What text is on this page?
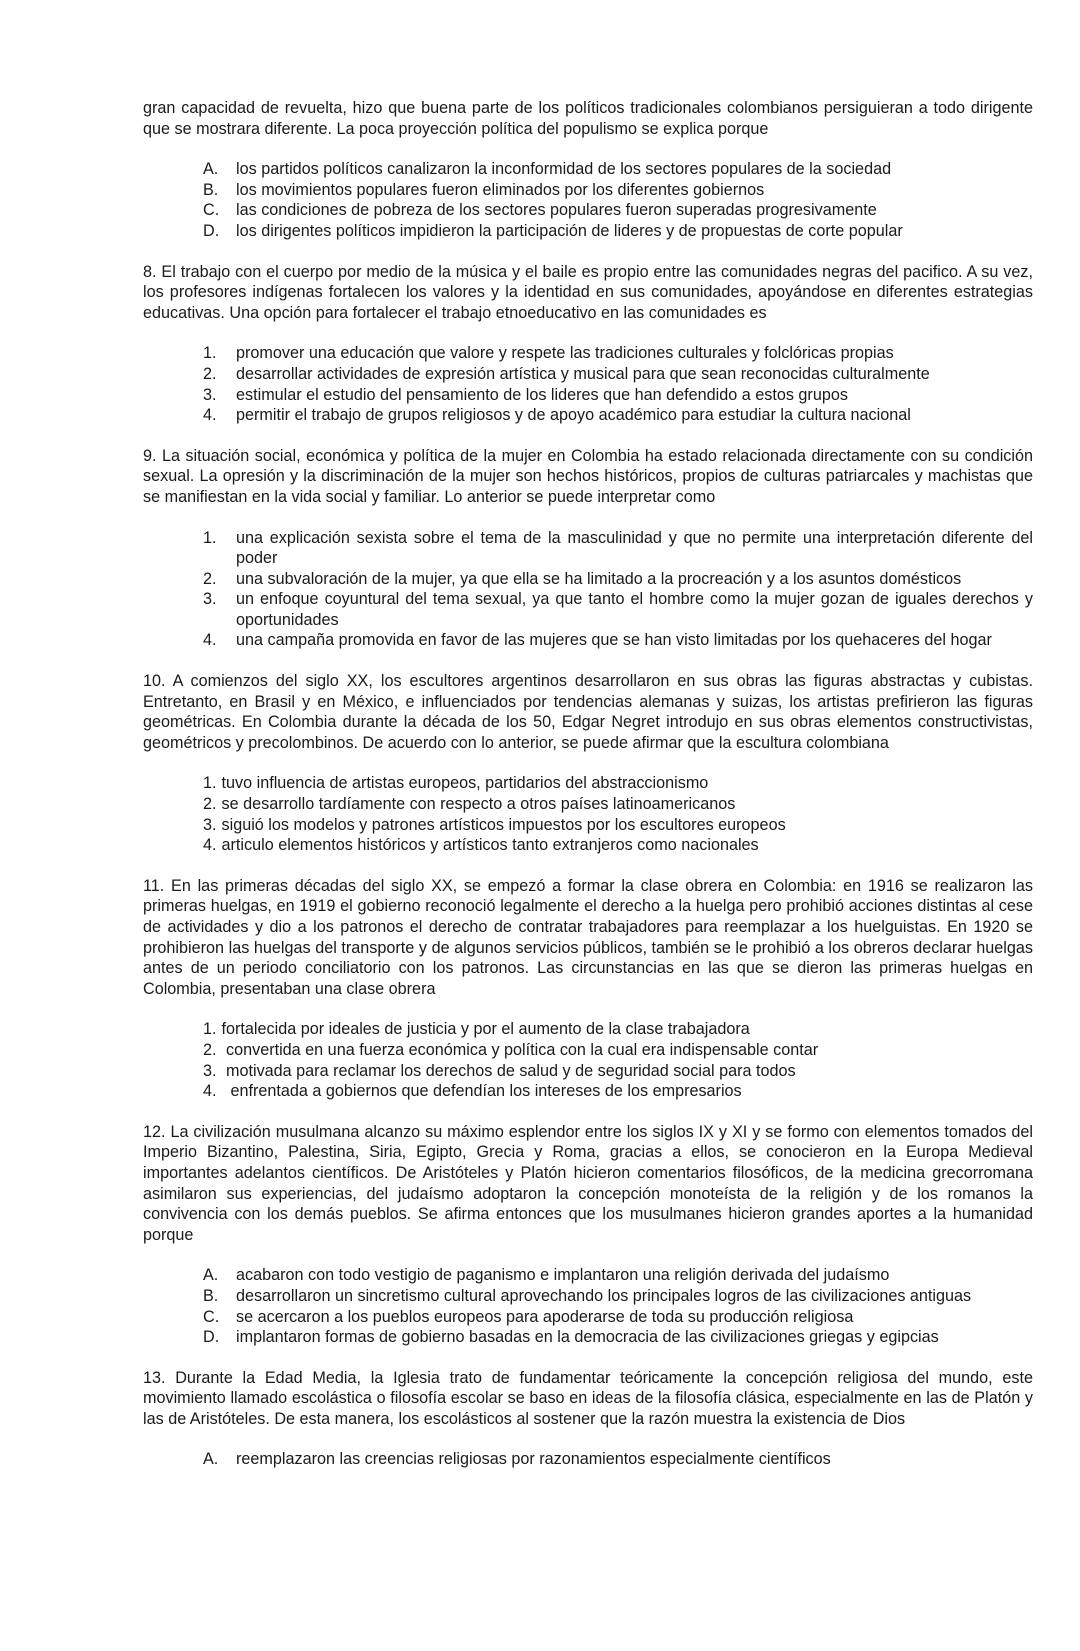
gran capacidad de revuelta, hizo que buena parte de los políticos tradicionales colombianos persiguieran a todo dirigente que se mostrara diferente. La poca proyección política del populismo se explica porque

A.	los partidos políticos canalizaron la inconformidad de los sectores populares de la sociedad
B.	los movimientos populares fueron eliminados por los diferentes gobiernos
C.	las condiciones de pobreza de los sectores populares fueron superadas progresivamente
D.	los dirigentes políticos impidieron la participación de lideres y de propuestas de corte popular

8. El trabajo con el cuerpo por medio de la música y el baile es propio entre las comunidades negras del pacifico. A su vez, los profesores indígenas fortalecen los valores y la identidad en sus comunidades, apoyándose en diferentes estrategias educativas. Una opción para fortalecer el trabajo etnoeducativo en las comunidades es

1.	promover una educación que valore y respete las tradiciones culturales y folclóricas propias
2.	desarrollar actividades de expresión artística y musical para que sean reconocidas culturalmente
3.	estimular el estudio del pensamiento de los lideres que han defendido a estos grupos
4.	permitir el trabajo de grupos religiosos y de apoyo académico para estudiar la cultura nacional

9. La situación social, económica y política de la mujer en Colombia ha estado relacionada directamente con su condición sexual. La opresión y la discriminación de la mujer son hechos históricos, propios de culturas patriarcales y machistas que se manifiestan en la vida social y familiar. Lo anterior se puede interpretar como

1.	una explicación sexista sobre el tema de la masculinidad y que no permite una interpretación diferente del poder
2.	una subvaloración de la mujer, ya que ella se ha limitado a la procreación y a los asuntos domésticos
3.	un enfoque coyuntural del tema sexual, ya que tanto el hombre como la mujer gozan de iguales derechos y oportunidades
4.	una campaña promovida en favor de las mujeres que se han visto limitadas por los quehaceres del hogar

10. A comienzos del siglo XX, los escultores argentinos desarrollaron en sus obras las figuras abstractas y cubistas. Entretanto, en Brasil y en México, e influenciados por tendencias alemanas y suizas, los artistas prefirieron las figuras geométricas. En Colombia durante la década de los 50, Edgar Negret introdujo en sus obras elementos constructivistas, geométricos y precolombinos. De acuerdo con lo anterior, se puede afirmar que la escultura colombiana

1. tuvo influencia de artistas europeos, partidarios del abstraccionismo
2. se desarrollo tardíamente con respecto a otros países latinoamericanos
3. siguió los modelos y patrones artísticos impuestos por los escultores europeos
4. articulo elementos históricos y artísticos tanto extranjeros como nacionales

11. En las primeras décadas del siglo XX, se empezó a formar la clase obrera en Colombia: en 1916 se realizaron las primeras huelgas, en 1919 el gobierno reconoció legalmente el derecho a la huelga pero prohibió acciones distintas al cese de actividades y dio a los patronos el derecho de contratar trabajadores para reemplazar a los huelguistas. En 1920 se prohibieron las huelgas del transporte y de algunos servicios públicos, también se le prohibió a los obreros declarar huelgas antes de un periodo conciliatorio con los patronos. Las circunstancias en las que se dieron las primeras huelgas en Colombia, presentaban una clase obrera

1. fortalecida por ideales de justicia y por el aumento de la clase trabajadora
2. convertida en una fuerza económica y política con la cual era indispensable contar
3. motivada para reclamar los derechos de salud y de seguridad social para todos
4. enfrentada a gobiernos que defendían los intereses de los empresarios

12. La civilización musulmana alcanzo su máximo esplendor entre los siglos IX y XI y se formo con elementos tomados del Imperio Bizantino, Palestina, Siria, Egipto, Grecia y Roma, gracias a ellos, se conocieron en la Europa Medieval importantes adelantos científicos. De Aristóteles y Platón hicieron comentarios filosóficos, de la medicina grecorromana asimilaron sus experiencias, del judaísmo adoptaron la concepción monoteísta de la religión y de los romanos la convivencia con los demás pueblos. Se afirma entonces que los musulmanes hicieron grandes aportes a la humanidad porque

A.	acabaron con todo vestigio de paganismo e implantaron una religión derivada del judaísmo
B.	desarrollaron un sincretismo cultural aprovechando los principales logros de las civilizaciones antiguas
C.	se acercaron a los pueblos europeos para apoderarse de toda su producción religiosa
D.	implantaron formas de gobierno basadas en la democracia de las civilizaciones griegas y egipcias

13. Durante la Edad Media, la Iglesia trato de fundamentar teóricamente la concepción religiosa del mundo, este movimiento llamado escolástica o filosofía escolar se baso en ideas de la filosofía clásica, especialmente en las de Platón y las de Aristóteles. De esta manera, los escolásticos al sostener que la razón muestra la existencia de Dios

A.	reemplazaron las creencias religiosas por razonamientos especialmente científicos
